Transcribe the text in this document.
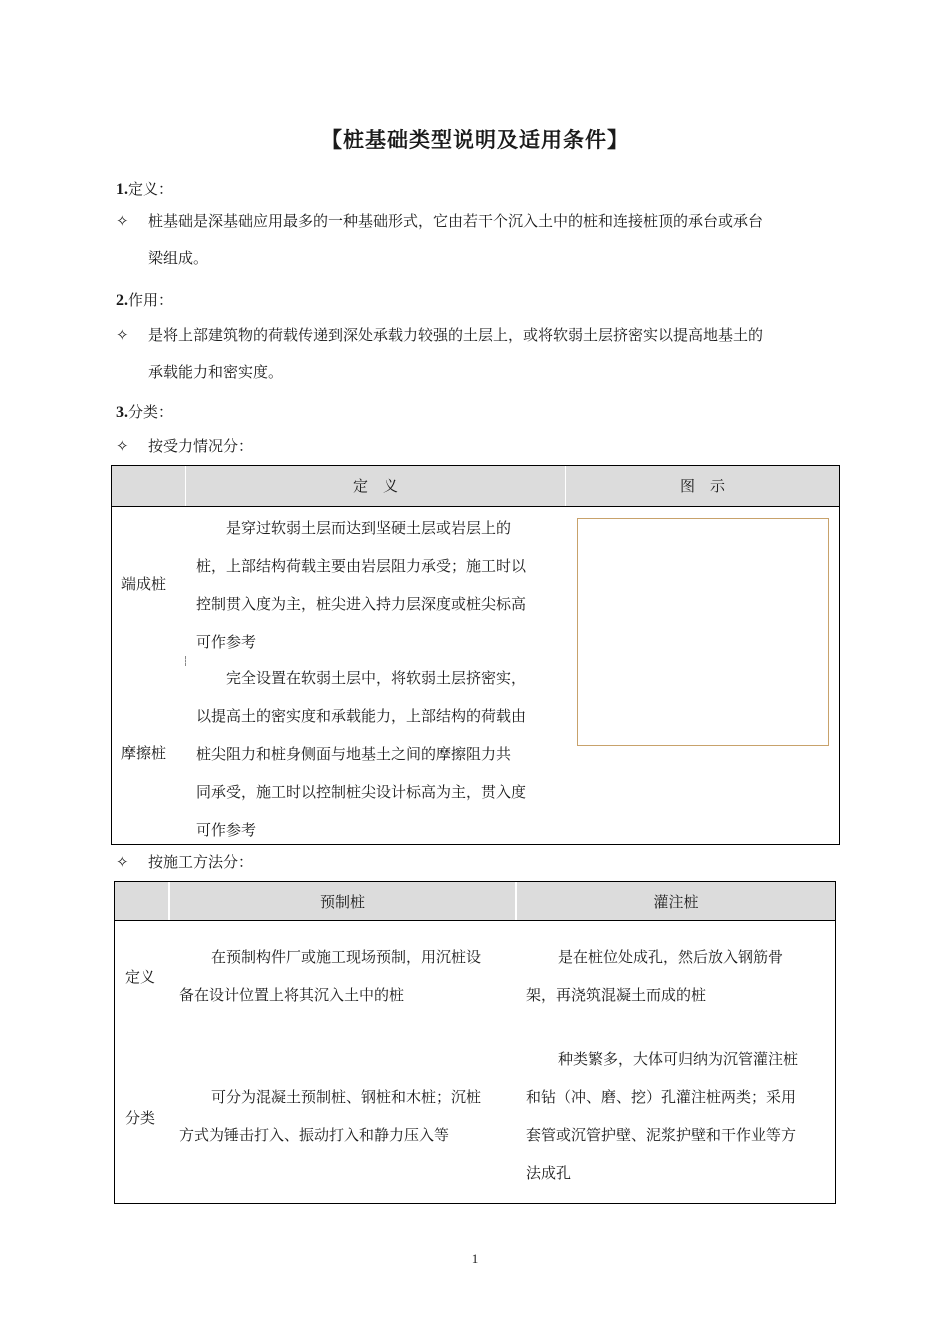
【桩基础类型说明及适用条件】
1.定义：
✧ 桩基础是深基础应用最多的一种基础形式，它由若干个沉入土中的桩和连接桩顶的承台或承台
梁组成。
2.作用：
✧ 是将上部建筑物的荷载传递到深处承载力较强的土层上，或将软弱土层挤密实以提高地基土的
承载能力和密实度。
3.分类：
✧ 按受力情况分：
定　义	图　示
端成桩
是穿过软弱土层而达到坚硬土层或岩层上的
桩，上部结构荷载主要由岩层阻力承受；施工时以
控制贯入度为主，桩尖进入持力层深度或桩尖标高
可作参考
摩擦桩
完全设置在软弱土层中，将软弱土层挤密实，
以提高土的密实度和承载能力，上部结构的荷载由
桩尖阻力和桩身侧面与地基土之间的摩擦阻力共
同承受，施工时以控制桩尖设计标高为主，贯入度
可作参考
✧ 按施工方法分：
预制桩	灌注桩
定义
在预制构件厂或施工现场预制，用沉桩设
备在设计位置上将其沉入土中的桩
是在桩位处成孔，然后放入钢筋骨
架，再浇筑混凝土而成的桩
分类
可分为混凝土预制桩、钢桩和木桩；沉桩
方式为锤击打入、振动打入和静力压入等
种类繁多，大体可归纳为沉管灌注桩
和钻（冲、磨、挖）孔灌注桩两类；采用
套管或沉管护壁、泥浆护壁和干作业等方
法成孔
1
